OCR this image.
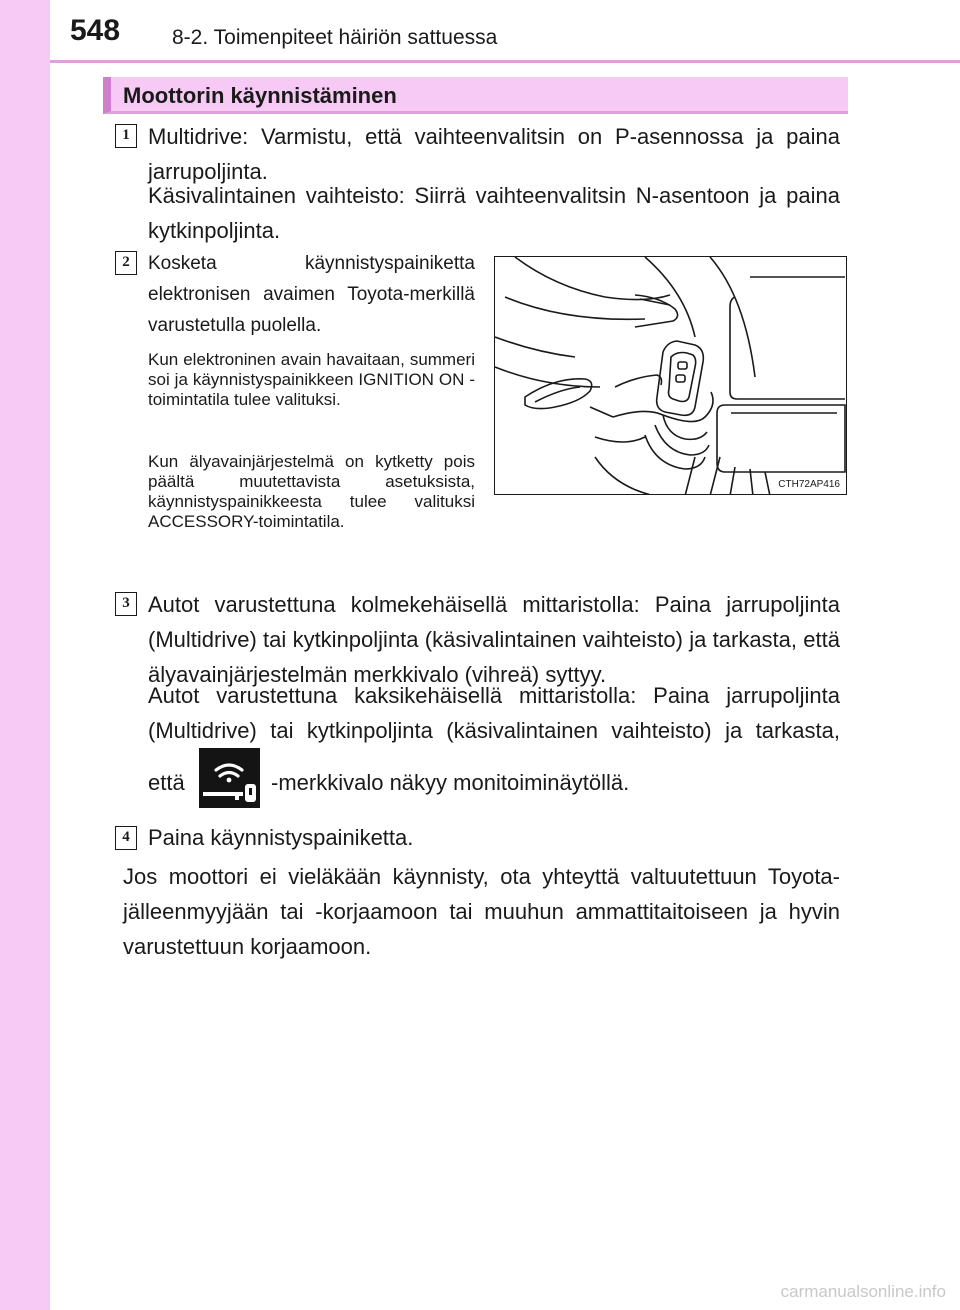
548 8-2. Toimenpiteet häiriön sattuessa
Moottorin käynnistäminen
1 Multidrive: Varmistu, että vaihteenvalitsin on P-asennossa ja paina jarrupoljinta.

Käsivalintainen vaihteisto: Siirrä vaihteenvalitsin N-asentoon ja paina kytkinpoljinta.

2 Kosketa käynnistyspainiketta elektronisen avaimen Toyota-merkillä varustetulla puolella.

Kun elektroninen avain havaitaan, summeri soi ja käynnistyspainikkeen IGNITION ON -toimintatila tulee valituksi.

Kun älyavainjärjestelmä on kytketty pois päältä muutettavista asetuksista, käynnistyspainikkeesta tulee valituksi ACCESSORY-toimintatila.

CTH72AP416
3 Autot varustettuna kolmekehäisellä mittaristolla: Paina jarrupoljinta (Multidrive) tai kytkinpoljinta (käsivalintainen vaihteisto) ja tarkasta, että älyavainjärjestelmän merkkivalo (vihreä) syttyy.

Autot varustettuna kaksikehäisellä mittaristolla: Paina jarrupoljinta (Multidrive) tai kytkinpoljinta (käsivalintainen vaihteisto) ja tarkasta,

että	-merkkivalo näkyy monitoiminäytöllä.
4 Paina käynnistyspainiketta.

Jos moottori ei vieläkään käynnisty, ota yhteyttä valtuutettuun Toyota-jälleenmyyjään tai -korjaamoon tai muuhun ammattitaitoiseen ja hyvin varustettuun korjaamoon.

carmanualsonline.info
